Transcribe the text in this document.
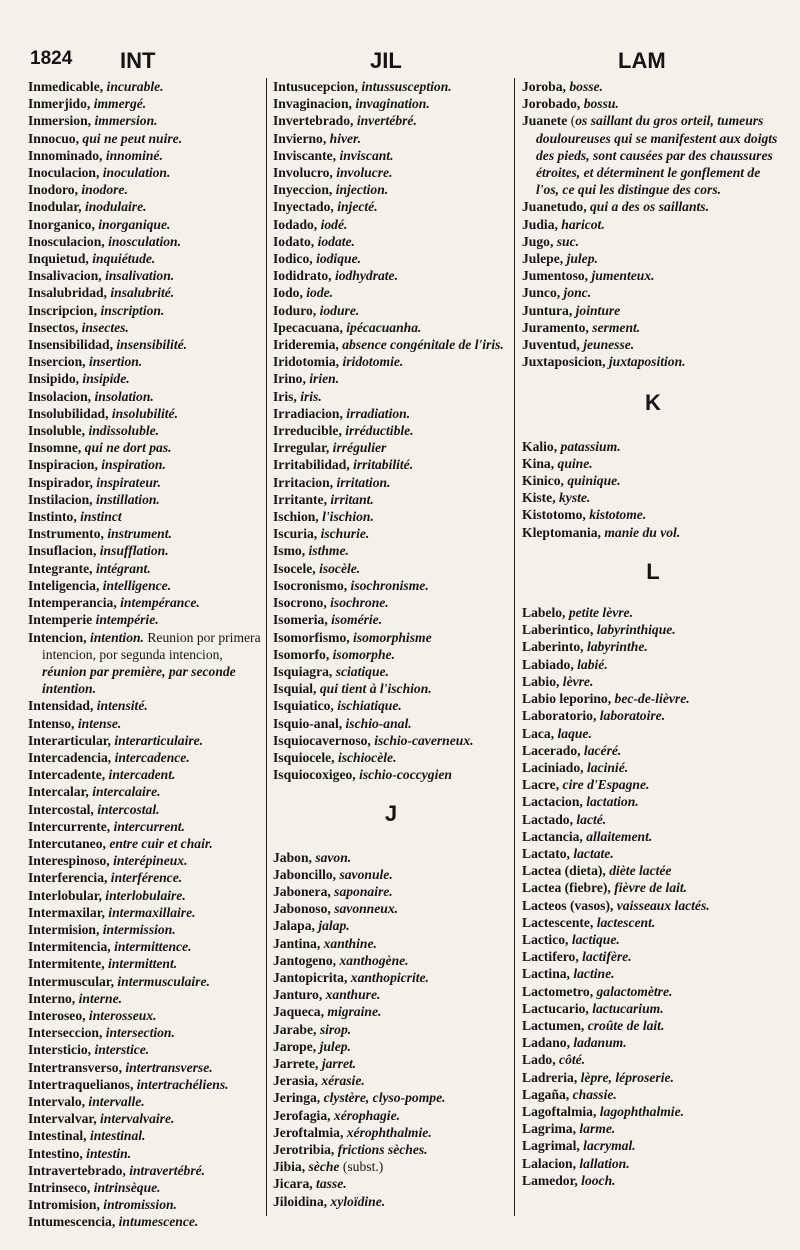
1824 INT	JIL	LAM
Inmedicable, incurable.
Inmerjido, immergé.
Inmersion, immersion.
Innocuo, qui ne peut nuire.
Innominado, innominé.
Inoculacion, inoculation.
Inodoro, inodore.
Inodular, inodulaire.
Inorganico, inorganique.
Inosculacion, inosculation.
Inquietud, inquiétude.
Insalivacion, insalivation.
Insalubridad, insalubrité.
Inscripcion, inscription.
Insectos, insectes.
Insensibilidad, insensibilité.
Insercion, insertion.
Insipido, insipide.
Insolacion, insolation.
Insolubilidad, insolubilité.
Insoluble, indissoluble.
Insomne, qui ne dort pas.
Inspiracion, inspiration.
Inspirador, inspirateur.
Instilacion, instillation.
Instinto, instinct
Instrumento, instrument.
Insuflacion, insufflation.
Integrante, intégrant.
Inteligencia, intelligence.
Intemperancia, intempérance.
Intemperie intempérie.
Intencion, intention. Reunion por primera intencion, por segunda intencion, réunion par première, par seconde intention.
Intensidad, intensité.
Intenso, intense.
Interarticular, interarticulaire.
Intercadencia, intercadence.
Intercadente, intercadent.
Intercalar, intercalaire.
Intercostal, intercostal.
Intercurrente, intercurrent.
Intercutaneo, entre cuir et chair.
Interespinoso, interépineux.
Interferencia, interférence.
Interlobular, interlobulaire.
Intermaxilar, intermaxillaire.
Intermision, intermission.
Intermitencia, intermittence.
Intermitente, intermittent.
Intermuscular, intermusculaire.
Interno, interne.
Interoseo, interosseux.
Interseccion, intersection.
Intersticio, interstice.
Intertransverso, intertransverse.
Intertraquelianos, intertrachéliens.
Intervalo, intervalle.
Intervalvar, intervalvaire.
Intestinal, intestinal.
Intestino, intestin.
Intravertebrado, intravertébré.
Intrinseco, intrinsèque.
Intromision, intromission.
Intumescencia, intumescence.
Intusucepcion, intussusception.
Invaginacion, invagination.
Invertebrado, invertébré.
Invierno, hiver.
Inviscante, inviscant.
Involucro, involucre.
Inyeccion, injection.
Inyectado, injecté.
Iodado, iodé.
Iodato, iodate.
Iodico, iodique.
Iodidrato, iodhydrate.
Iodo, iode.
Ioduro, iodure.
Ipecacuana, ipécacuanha.
Irideremia, absence congénitale de l'iris.
Iridotomia, iridotomie.
Irino, irien.
Iris, iris.
Irradiacion, irradiation.
Irreducible, irréductible.
Irregular, irrégulier
Irritabilidad, irritabilité.
Irritacion, irritation.
Irritante, irritant.
Ischion, l'ischion.
Iscuria, ischurie.
Ismo, isthme.
Isocele, isocèle.
Isocronismo, isochronisme.
Isocrono, isochrone.
Isomeria, isomérie.
Isomorfismo, isomorphisme
Isomorfo, isomorphe.
Isquiagra, sciatique.
Isquial, qui tient à l'ischion.
Isquiatico, ischiatique.
Isquio-anal, ischio-anal.
Isquiocavernoso, ischio-caverneux.
Isquiocele, ischiocèle.
Isquiocoxigeo, ischio-coccygien
J
Jabon, savon.
Jaboncillo, savonule.
Jabonera, saponaire.
Jabonoso, savonneux.
Jalapa, jalap.
Jantina, xanthine.
Jantogeno, xanthogène.
Jantopicrita, xanthopicrite.
Janturo, xanthure.
Jaqueca, migraine.
Jarabe, sirop.
Jarope, julep.
Jarrete, jarret.
Jerasia, xérasie.
Jeringa, clystère, clyso-pompe.
Jerofagia, xérophagie.
Jeroftalmia, xérophthalmie.
Jerotribia, frictions sèches.
Jibia, sèche (subst.)
Jicara, tasse.
Jiloidina, xyloïdine.
Joroba, bosse.
Jorobado, bossu.
Juanete (os saillant du gros orteil, tumeurs douloureuses qui se manifestent aux doigts des pieds, sont causées par des chaussures étroites, et déterminent le gonflement de l'os, ce qui les distingue des cors.
Juanetudo, qui a des os saillants.
Judia, haricot.
Jugo, suc.
Julepe, julep.
Jumentoso, jumenteux.
Junco, jonc.
Juntura, jointure
Juramento, serment.
Juventud, jeunesse.
Juxtaposicion, juxtaposition.
K
Kalio, patassium.
Kina, quine.
Kinico, quinique.
Kiste, kyste.
Kistotomo, kistotome.
Kleptomania, manie du vol.
L
Labelo, petite lèvre.
Laberintico, labyrinthique.
Laberinto, labyrinthe.
Labiado, labié.
Labio, lèvre.
Labio leporino, bec-de-lièvre.
Laboratorio, laboratoire.
Laca, laque.
Lacerado, lacéré.
Laciniado, lacinié.
Lacre, cire d'Espagne.
Lactacion, lactation.
Lactado, lacté.
Lactancia, allaitement.
Lactato, lactate.
Lactea (dieta), diète lactée
Lactea (fiebre), fièvre de lait.
Lacteos (vasos), vaisseaux lactés.
Lactescente, lactescent.
Lactico, lactique.
Lactifero, lactifère.
Lactina, lactine.
Lactometro, galactomètre.
Lactucario, lactucarium.
Lactumen, croûte de lait.
Ladano, ladanum.
Lado, côté.
Ladreria, lèpre, léproserie.
Lagaña, chassie.
Lagoftalmia, lagophthalmie.
Lagrima, larme.
Lagrimal, lacrymal.
Lalacion, lallation.
Lamedor, looch.
